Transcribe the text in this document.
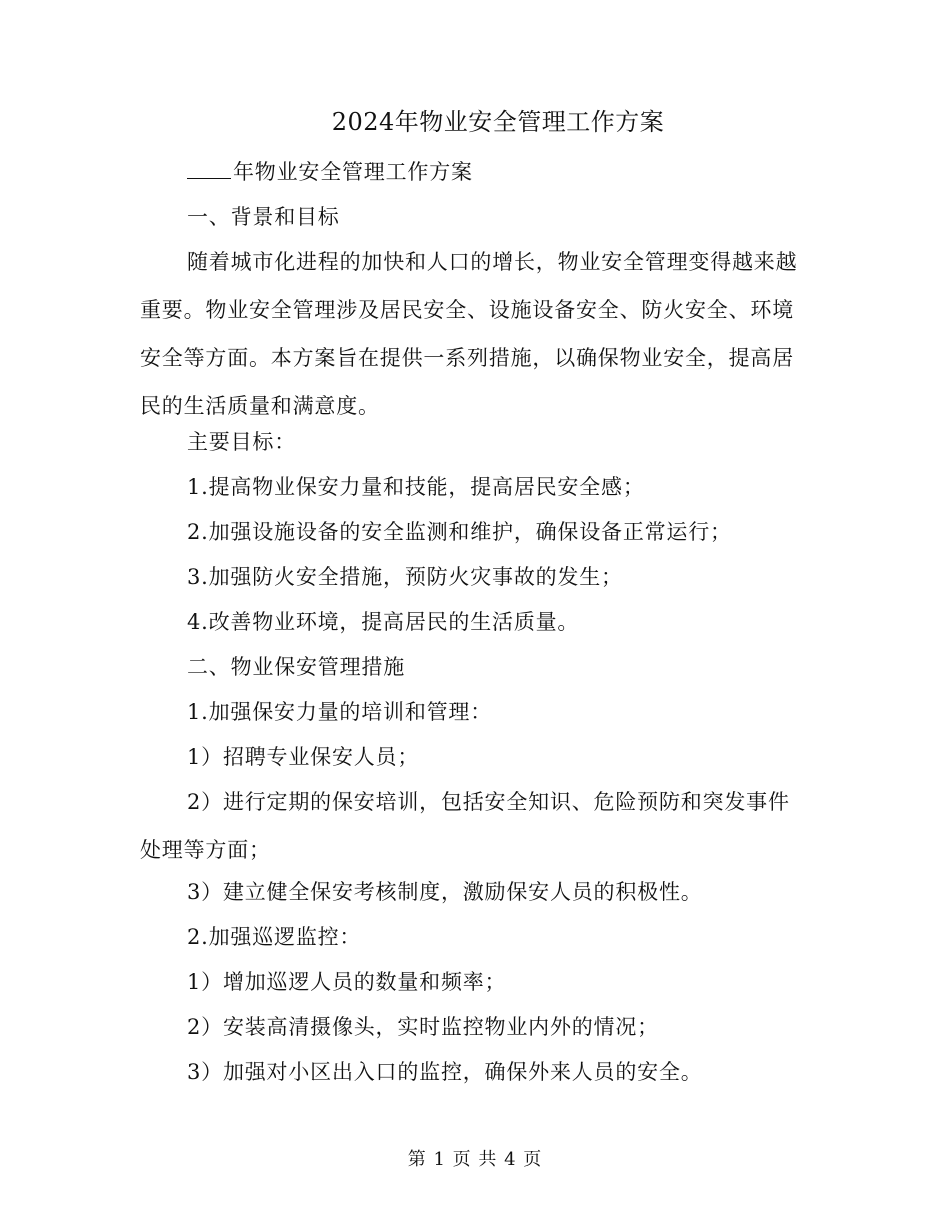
2024年物业安全管理工作方案

年物业安全管理工作方案

一、背景和目标

随着城市化进程的加快和人口的增长，物业安全管理变得越来越重要。物业安全管理涉及居民安全、设施设备安全、防火安全、环境安全等方面。本方案旨在提供一系列措施，以确保物业安全，提高居民的生活质量和满意度。

主要目标：

1.提高物业保安力量和技能，提高居民安全感；

2.加强设施设备的安全监测和维护，确保设备正常运行；

3.加强防火安全措施，预防火灾事故的发生；

4.改善物业环境，提高居民的生活质量。

二、物业保安管理措施

1.加强保安力量的培训和管理：

1）招聘专业保安人员；

2）进行定期的保安培训，包括安全知识、危险预防和突发事件处理等方面；

3）建立健全保安考核制度，激励保安人员的积极性。

2.加强巡逻监控：

1）增加巡逻人员的数量和频率；

2）安装高清摄像头，实时监控物业内外的情况；

3）加强对小区出入口的监控，确保外来人员的安全。

第 1 页 共 4 页
